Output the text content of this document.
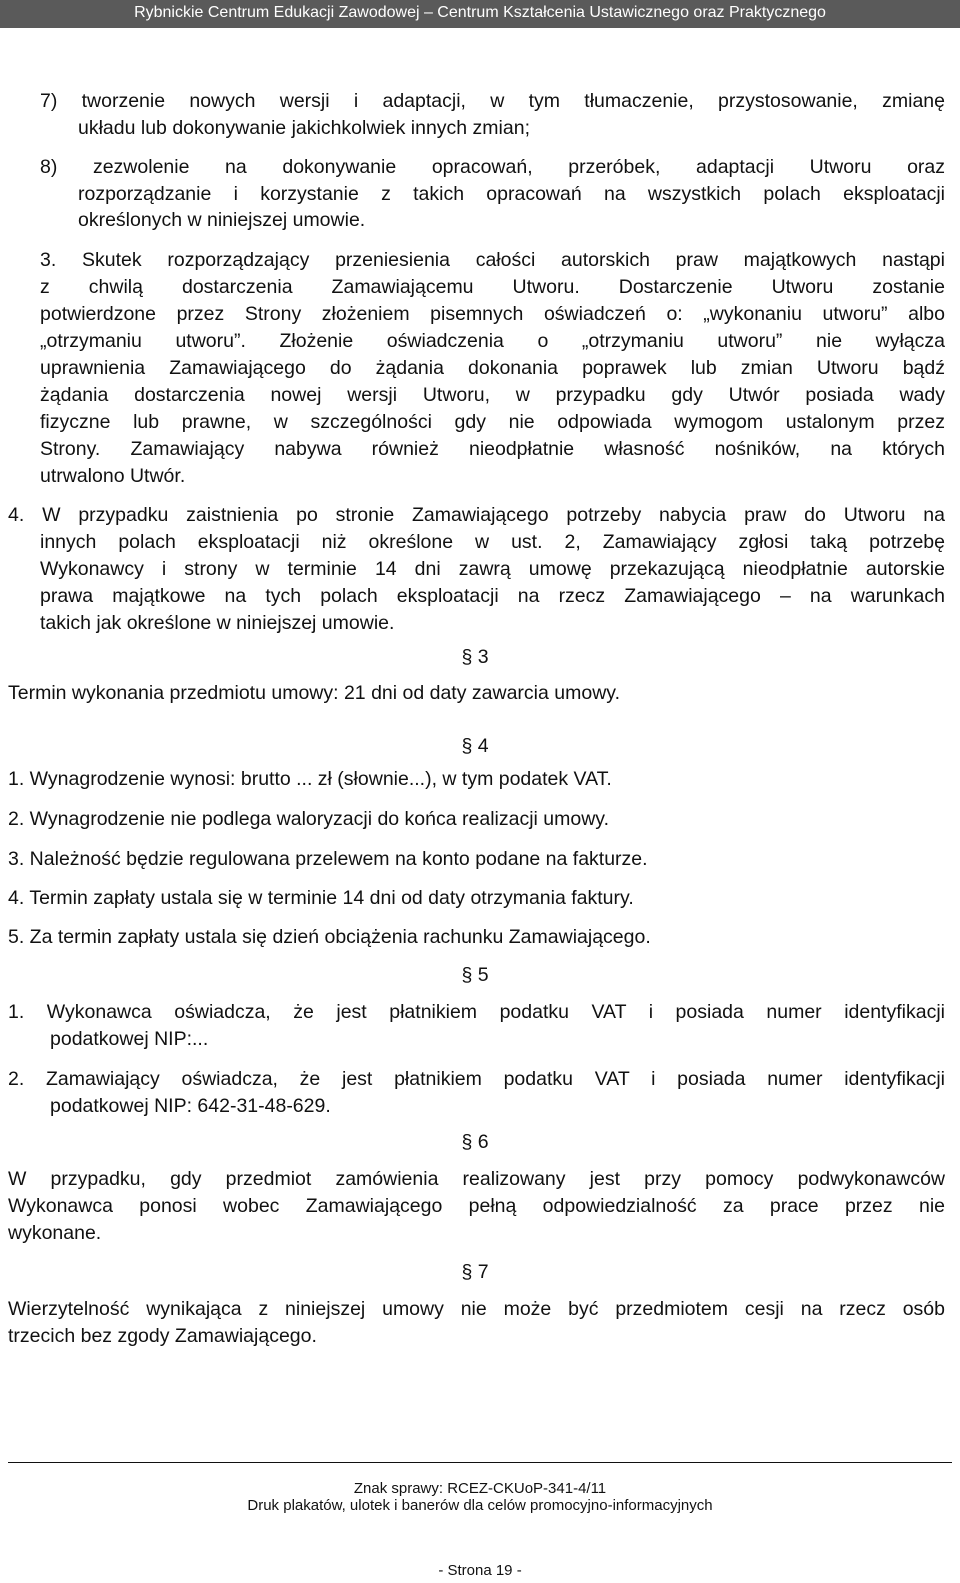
Rybnickie Centrum Edukacji Zawodowej – Centrum Kształcenia Ustawicznego oraz Praktycznego
7) tworzenie nowych wersji i adaptacji, w tym tłumaczenie, przystosowanie, zmianę
układu lub dokonywanie jakichkolwiek innych zmian;
8) zezwolenie na dokonywanie opracowań, przeróbek, adaptacji Utworu oraz
rozporządzanie i korzystanie z takich opracowań na wszystkich polach eksploatacji
określonych w niniejszej umowie.
3. Skutek rozporządzający przeniesienia całości autorskich praw majątkowych nastąpi
z chwilą dostarczenia Zamawiającemu Utworu. Dostarczenie Utworu zostanie
potwierdzone przez Strony złożeniem pisemnych oświadczeń o: „wykonaniu utworu” albo
„otrzymaniu utworu”. Złożenie oświadczenia o „otrzymaniu utworu” nie wyłącza
uprawnienia Zamawiającego do żądania dokonania poprawek lub zmian Utworu bądź
żądania dostarczenia nowej wersji Utworu, w przypadku gdy Utwór posiada wady
fizyczne lub prawne, w szczególności gdy nie odpowiada wymogom ustalonym przez
Strony. Zamawiający nabywa również nieodpłatnie własność nośników, na których
utrwalono Utwór.
4. W przypadku zaistnienia po stronie Zamawiającego potrzeby nabycia praw do Utworu na
innych polach eksploatacji niż określone w ust. 2, Zamawiający zgłosi taką potrzebę
Wykonawcy i strony w terminie 14 dni zawrą umowę przekazującą nieodpłatnie autorskie
prawa majątkowe na tych polach eksploatacji na rzecz Zamawiającego – na warunkach
takich jak określone w niniejszej umowie.
§ 3
Termin wykonania przedmiotu umowy: 21 dni od daty zawarcia umowy.
§ 4
1. Wynagrodzenie wynosi: brutto ... zł (słownie...), w tym podatek VAT.
2. Wynagrodzenie nie podlega waloryzacji do końca realizacji umowy.
3. Należność będzie regulowana przelewem na konto podane na fakturze.
4. Termin zapłaty ustala się w terminie 14 dni od daty otrzymania faktury.
5. Za termin zapłaty ustala się dzień obciążenia rachunku Zamawiającego.
§ 5
1. Wykonawca oświadcza, że jest płatnikiem podatku VAT i posiada numer identyfikacji
podatkowej NIP:...
2. Zamawiający oświadcza, że jest płatnikiem podatku VAT i posiada numer identyfikacji
podatkowej NIP: 642-31-48-629.
§ 6
W przypadku, gdy przedmiot zamówienia realizowany jest przy pomocy podwykonawców
Wykonawca ponosi wobec Zamawiającego pełną odpowiedzialność za prace przez nie
wykonane.
§ 7
Wierzytelność wynikająca z niniejszej umowy nie może być przedmiotem cesji na rzecz osób
trzecich bez zgody Zamawiającego.
Znak sprawy: RCEZ-CKUoP-341-4/11
Druk plakatów, ulotek i banerów dla celów promocyjno-informacyjnych
- Strona 19 -
